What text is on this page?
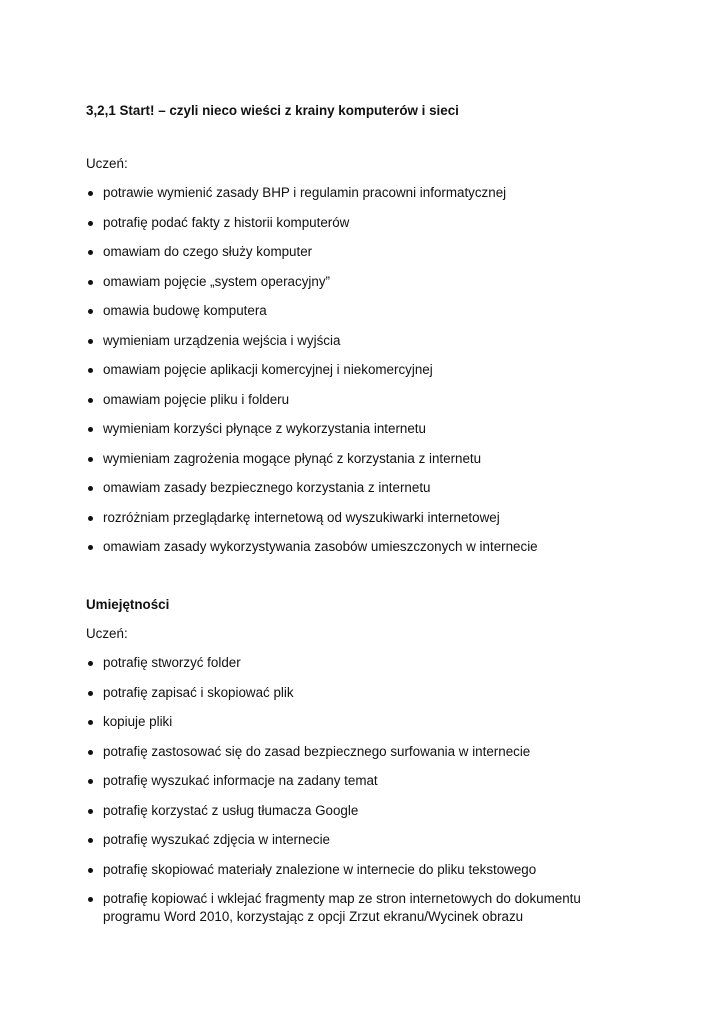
3,2,1 Start! – czyli nieco wieści z krainy komputerów i sieci

Uczeń:

potrawie wymienić zasady BHP i regulamin pracowni informatycznej
potrafię podać fakty z historii komputerów
omawiam do czego służy komputer
omawiam pojęcie „system operacyjny”
omawia budowę komputera
wymieniam urządzenia wejścia i wyjścia
omawiam pojęcie aplikacji komercyjnej i niekomercyjnej
omawiam pojęcie pliku i folderu
wymieniam korzyści płynące z wykorzystania internetu
wymieniam zagrożenia mogące płynąć z korzystania z internetu
omawiam zasady bezpiecznego korzystania z internetu
rozróżniam przeglądarkę internetową od wyszukiwarki internetowej
omawiam zasady wykorzystywania zasobów umieszczonych w internecie
Umiejętności

Uczeń:

potrafię stworzyć folder
potrafię zapisać i skopiować plik
kopiuje pliki
potrafię zastosować się do zasad bezpiecznego surfowania w internecie
potrafię wyszukać informacje na zadany temat
potrafię korzystać z usług tłumacza Google
potrafię wyszukać zdjęcia w internecie
potrafię skopiować materiały znalezione w internecie do pliku tekstowego
potrafię kopiować i wklejać fragmenty map ze stron internetowych do dokumentu programu Word 2010, korzystając z opcji Zrzut ekranu/Wycinek obrazu
